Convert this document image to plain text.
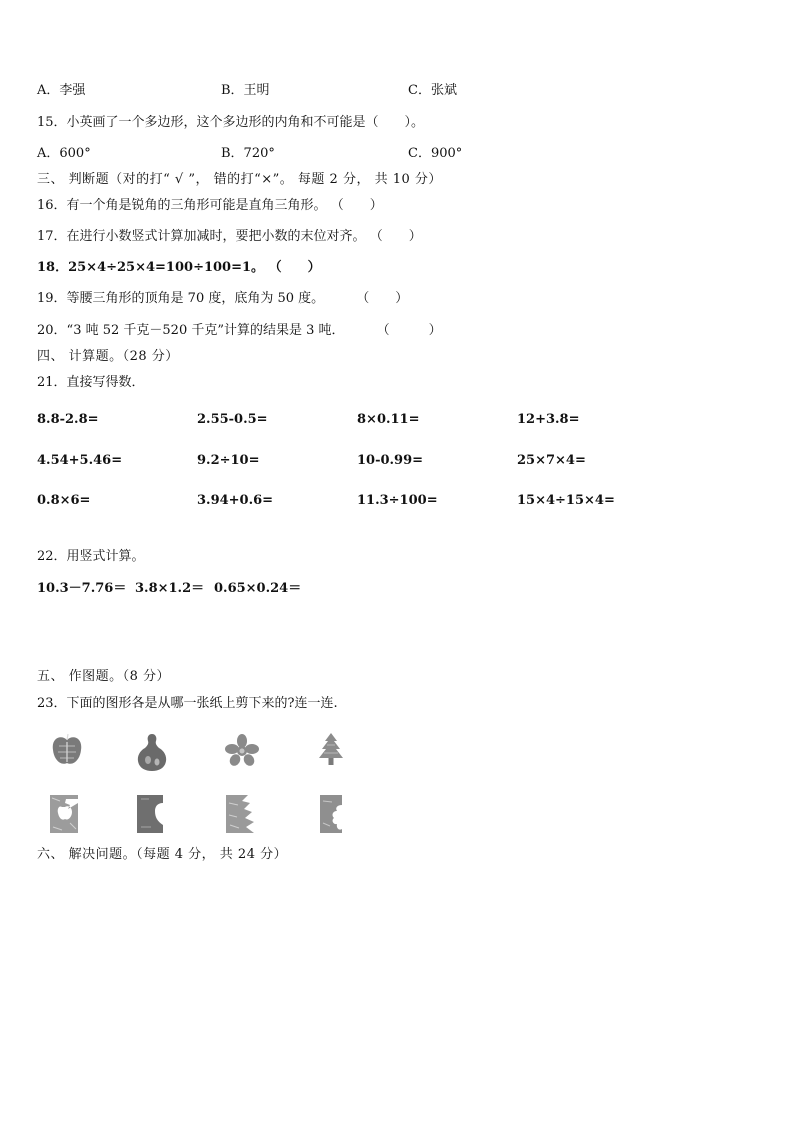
A．李强	B．王明	C．张斌
15．小英画了一个多边形，这个多边形的内角和不可能是（　　）。
A．600°	B．720°	C．900°
三、 判断题（对的打“ √ ”， 错的打“×”。 每题 2 分， 共 10 分）
16．有一个角是锐角的三角形可能是直角三角形。 （　　）
17．在进行小数竖式计算加减时，要把小数的末位对齐。 （　　）
18．25×4÷25×4=100÷100=1。 （　　）
19．等腰三角形的顶角是 70 度，底角为 50 度。 （　　）
20．“3 吨 52 千克－520 千克”计算的结果是 3 吨． （　　　）
四、 计算题。（28 分）
21．直接写得数．
8.8-2.8=	2.55-0.5=	8×0.11=	12+3.8=
4.54+5.46=	9.2÷10=	10-0.99=	25×7×4=
0.8×6=	3.94+0.6=	11.3÷100=	15×4÷15×4=
22．用竖式计算。
10.3－7.76＝ 3.8×1.2＝ 0.65×0.24＝
五、 作图题。（8 分）
23．下面的图形各是从哪一张纸上剪下来的?连一连.
六、 解决问题。（每题 4 分， 共 24 分）
